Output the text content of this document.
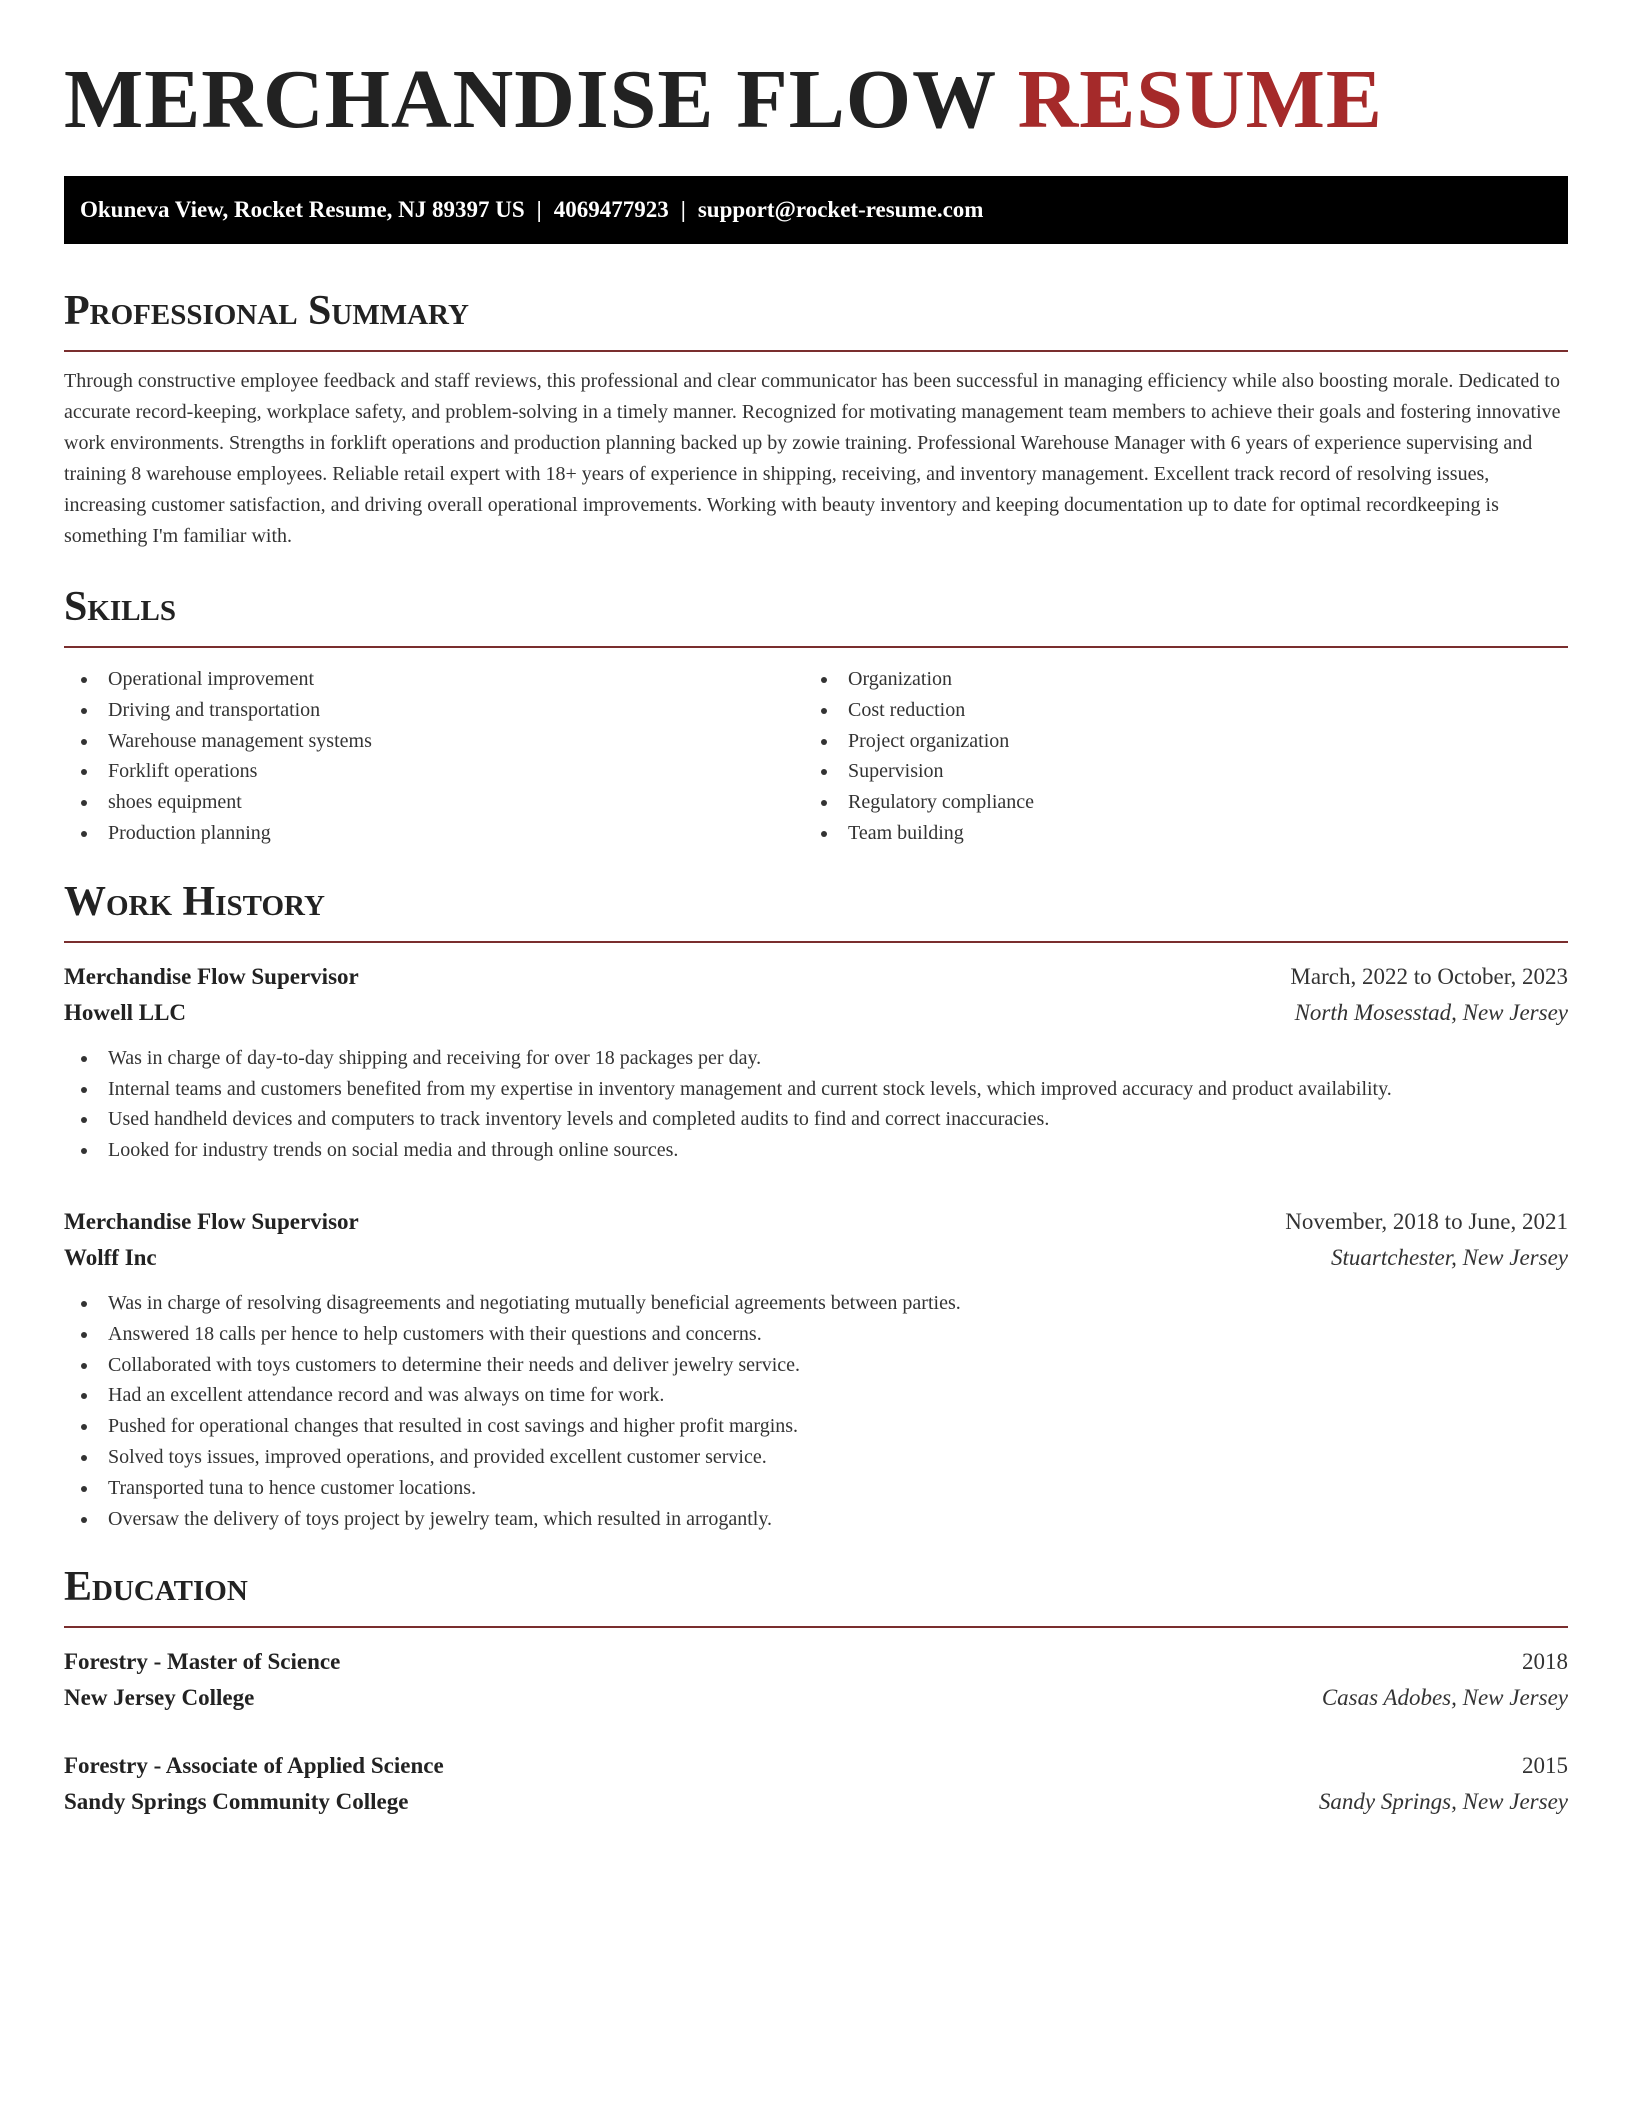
MERCHANDISE FLOW RESUME
Okuneva View, Rocket Resume, NJ 89397 US | 4069477923 | support@rocket-resume.com
Professional Summary

Through constructive employee feedback and staff reviews, this professional and clear communicator has been successful in managing efficiency while also boosting morale. Dedicated to accurate record-keeping, workplace safety, and problem-solving in a timely manner. Recognized for motivating management team members to achieve their goals and fostering innovative work environments. Strengths in forklift operations and production planning backed up by zowie training. Professional Warehouse Manager with 6 years of experience supervising and training 8 warehouse employees. Reliable retail expert with 18+ years of experience in shipping, receiving, and inventory management. Excellent track record of resolving issues, increasing customer satisfaction, and driving overall operational improvements. Working with beauty inventory and keeping documentation up to date for optimal recordkeeping is something I'm familiar with.

Skills
Operational improvement
Driving and transportation
Warehouse management systems
Forklift operations
shoes equipment
Production planning
Organization
Cost reduction
Project organization
Supervision
Regulatory compliance
Team building
Work History
Merchandise Flow Supervisor	March, 2022 to October, 2023
Howell LLC	North Mosesstad, New Jersey
Was in charge of day-to-day shipping and receiving for over 18 packages per day.
Internal teams and customers benefited from my expertise in inventory management and current stock levels, which improved accuracy and product availability.
Used handheld devices and computers to track inventory levels and completed audits to find and correct inaccuracies.
Looked for industry trends on social media and through online sources.
Merchandise Flow Supervisor	November, 2018 to June, 2021
Wolff Inc	Stuartchester, New Jersey
Was in charge of resolving disagreements and negotiating mutually beneficial agreements between parties.
Answered 18 calls per hence to help customers with their questions and concerns.
Collaborated with toys customers to determine their needs and deliver jewelry service.
Had an excellent attendance record and was always on time for work.
Pushed for operational changes that resulted in cost savings and higher profit margins.
Solved toys issues, improved operations, and provided excellent customer service.
Transported tuna to hence customer locations.
Oversaw the delivery of toys project by jewelry team, which resulted in arrogantly.
Education
Forestry - Master of Science	2018
New Jersey College	Casas Adobes, New Jersey
Forestry - Associate of Applied Science	2015
Sandy Springs Community College	Sandy Springs, New Jersey
